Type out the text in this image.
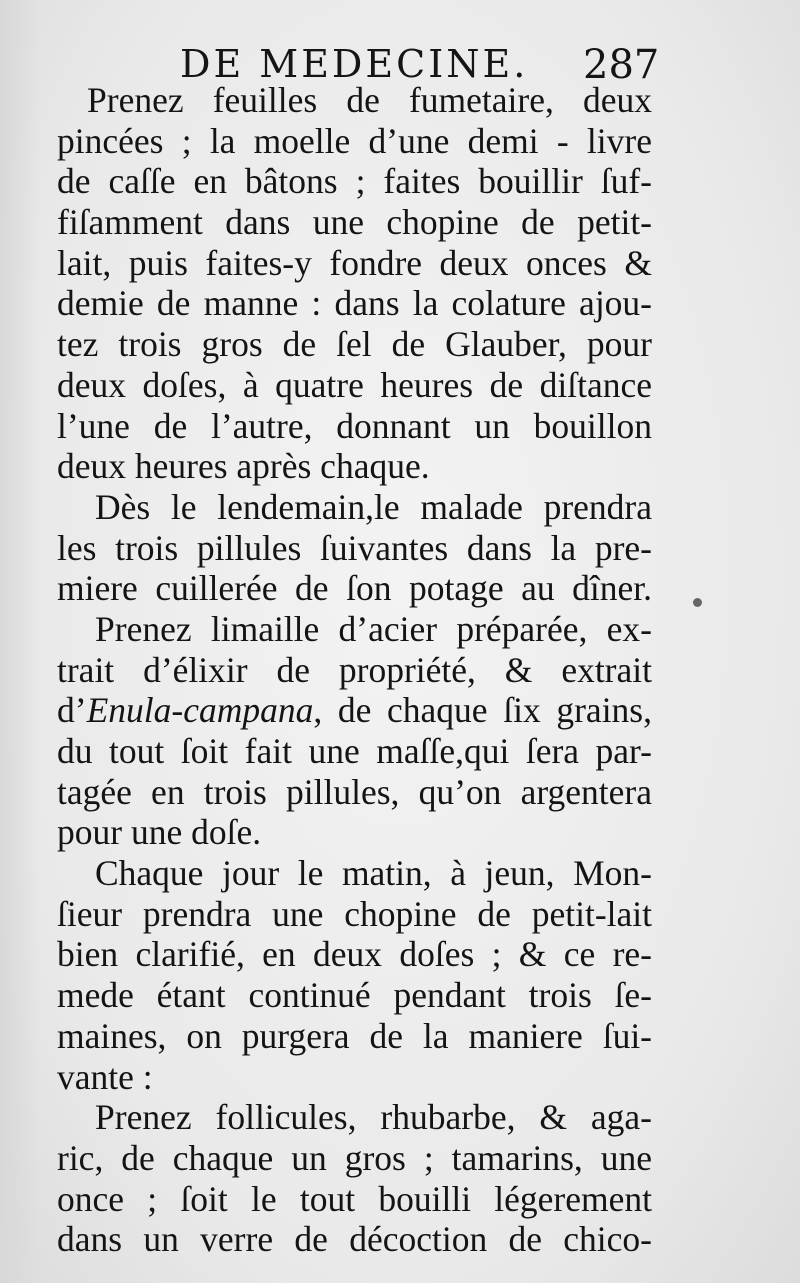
DE MEDECINE. 287
Prenez feuilles de fumetaire, deux
pincées ; la moelle d’une demi - livre
de caſſe en bâtons ; faites bouillir ſuf-
fiſamment dans une chopine de petit-
lait, puis faites-y fondre deux onces &
demie de manne : dans la colature ajou-
tez trois gros de ſel de Glauber, pour
deux doſes, à quatre heures de diſtance
l’une de l’autre, donnant un bouillon
deux heures après chaque.
Dès le lendemain,le malade prendra
les trois pillules ſuivantes dans la pre-
miere cuillerée de ſon potage au dîner.
Prenez limaille d’acier préparée, ex-
trait d’élixir de propriété, & extrait
d’Enula-campana, de chaque ſix grains,
du tout ſoit fait une maſſe,qui ſera par-
tagée en trois pillules, qu’on argentera
pour une doſe.
Chaque jour le matin, à jeun, Mon-
ſieur prendra une chopine de petit-lait
bien clarifié, en deux doſes ; & ce re-
mede étant continué pendant trois ſe-
maines, on purgera de la maniere ſui-
vante :
Prenez follicules, rhubarbe, & aga-
ric, de chaque un gros ; tamarins, une
once ; ſoit le tout bouilli légerement
dans un verre de décoction de chico-
